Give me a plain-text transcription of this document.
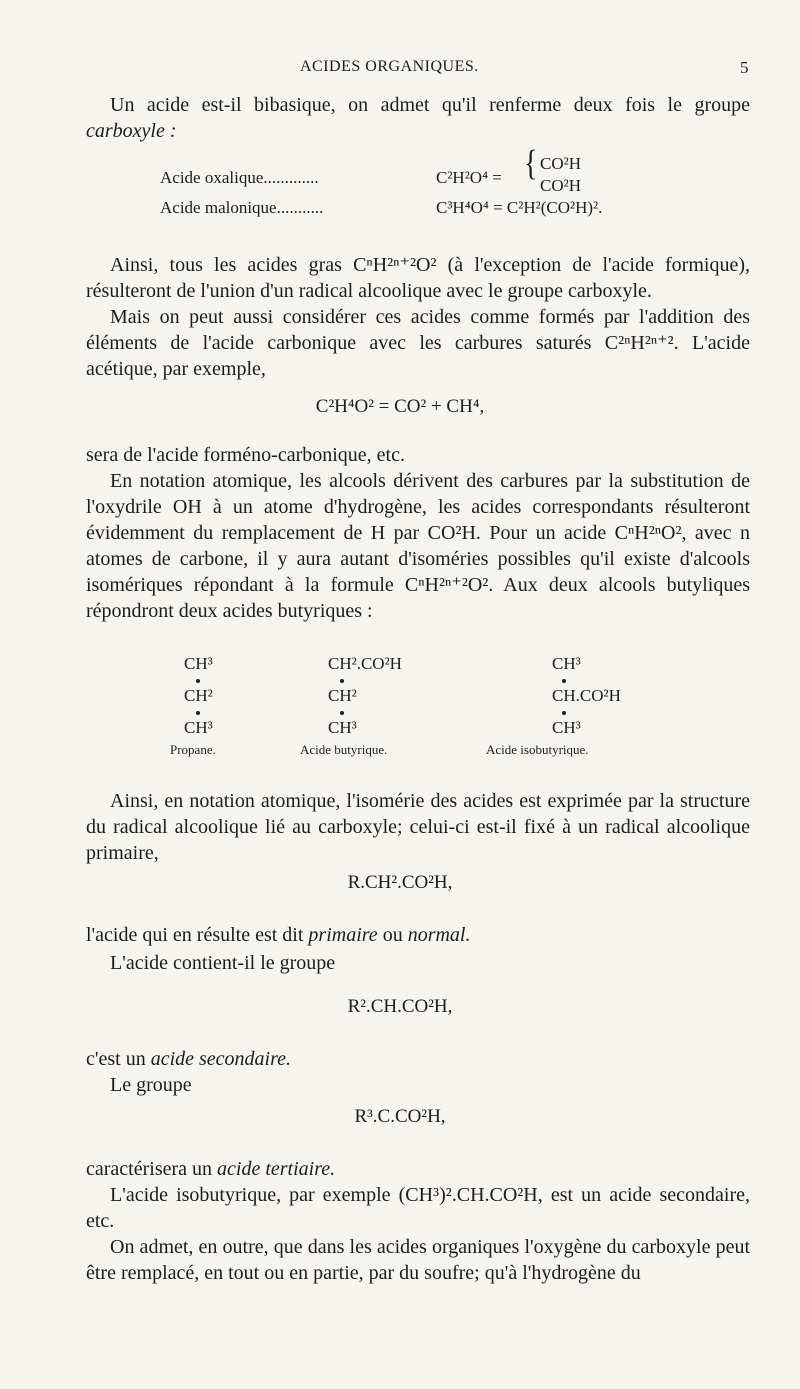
ACIDES ORGANIQUES.	5
Un acide est-il bibasique, on admet qu'il renferme deux fois le groupe carboxyle :
Acide oxalique.............	C²H²O⁴ = { CO²H
CO²H
Acide malonique...........	C³H⁴O⁴ = C²H²(CO²H)².
Ainsi, tous les acides gras CⁿH²ⁿ⁺²O² (à l'exception de l'acide formique), résulteront de l'union d'un radical alcoolique avec le groupe carboxyle.
Mais on peut aussi considérer ces acides comme formés par l'addition des éléments de l'acide carbonique avec les carbures saturés C²ⁿH²ⁿ⁺². L'acide acétique, par exemple,
C²H⁴O² = CO² + CH⁴,
sera de l'acide forméno-carbonique, etc.
En notation atomique, les alcools dérivent des carbures par la substitution de l'oxydrile OH à un atome d'hydrogène, les acides correspondants résulteront évidemment du remplacement de H par CO²H. Pour un acide CⁿH²ⁿO², avec n atomes de carbone, il y aura autant d'isoméries possibles qu'il existe d'alcools isomériques répondant à la formule CⁿH²ⁿ⁺²O². Aux deux alcools butyliques répondront deux acides butyriques :
CH³
CH²
CH³
Propane.
CH².CO²H
CH²
CH³
Acide butyrique.
CH³
CH.CO²H
CH³
Acide isobutyrique.
Ainsi, en notation atomique, l'isomérie des acides est exprimée par la structure du radical alcoolique lié au carboxyle; celui-ci est-il fixé à un radical alcoolique primaire,
R.CH².CO²H,
l'acide qui en résulte est dit primaire ou normal.
L'acide contient-il le groupe
R².CH.CO²H,
c'est un acide secondaire.
Le groupe
R³.C.CO²H,
caractérisera un acide tertiaire.
L'acide isobutyrique, par exemple (CH³)².CH.CO²H, est un acide secondaire, etc.
On admet, en outre, que dans les acides organiques l'oxygène du carboxyle peut être remplacé, en tout ou en partie, par du soufre; qu'à l'hydrogène du
